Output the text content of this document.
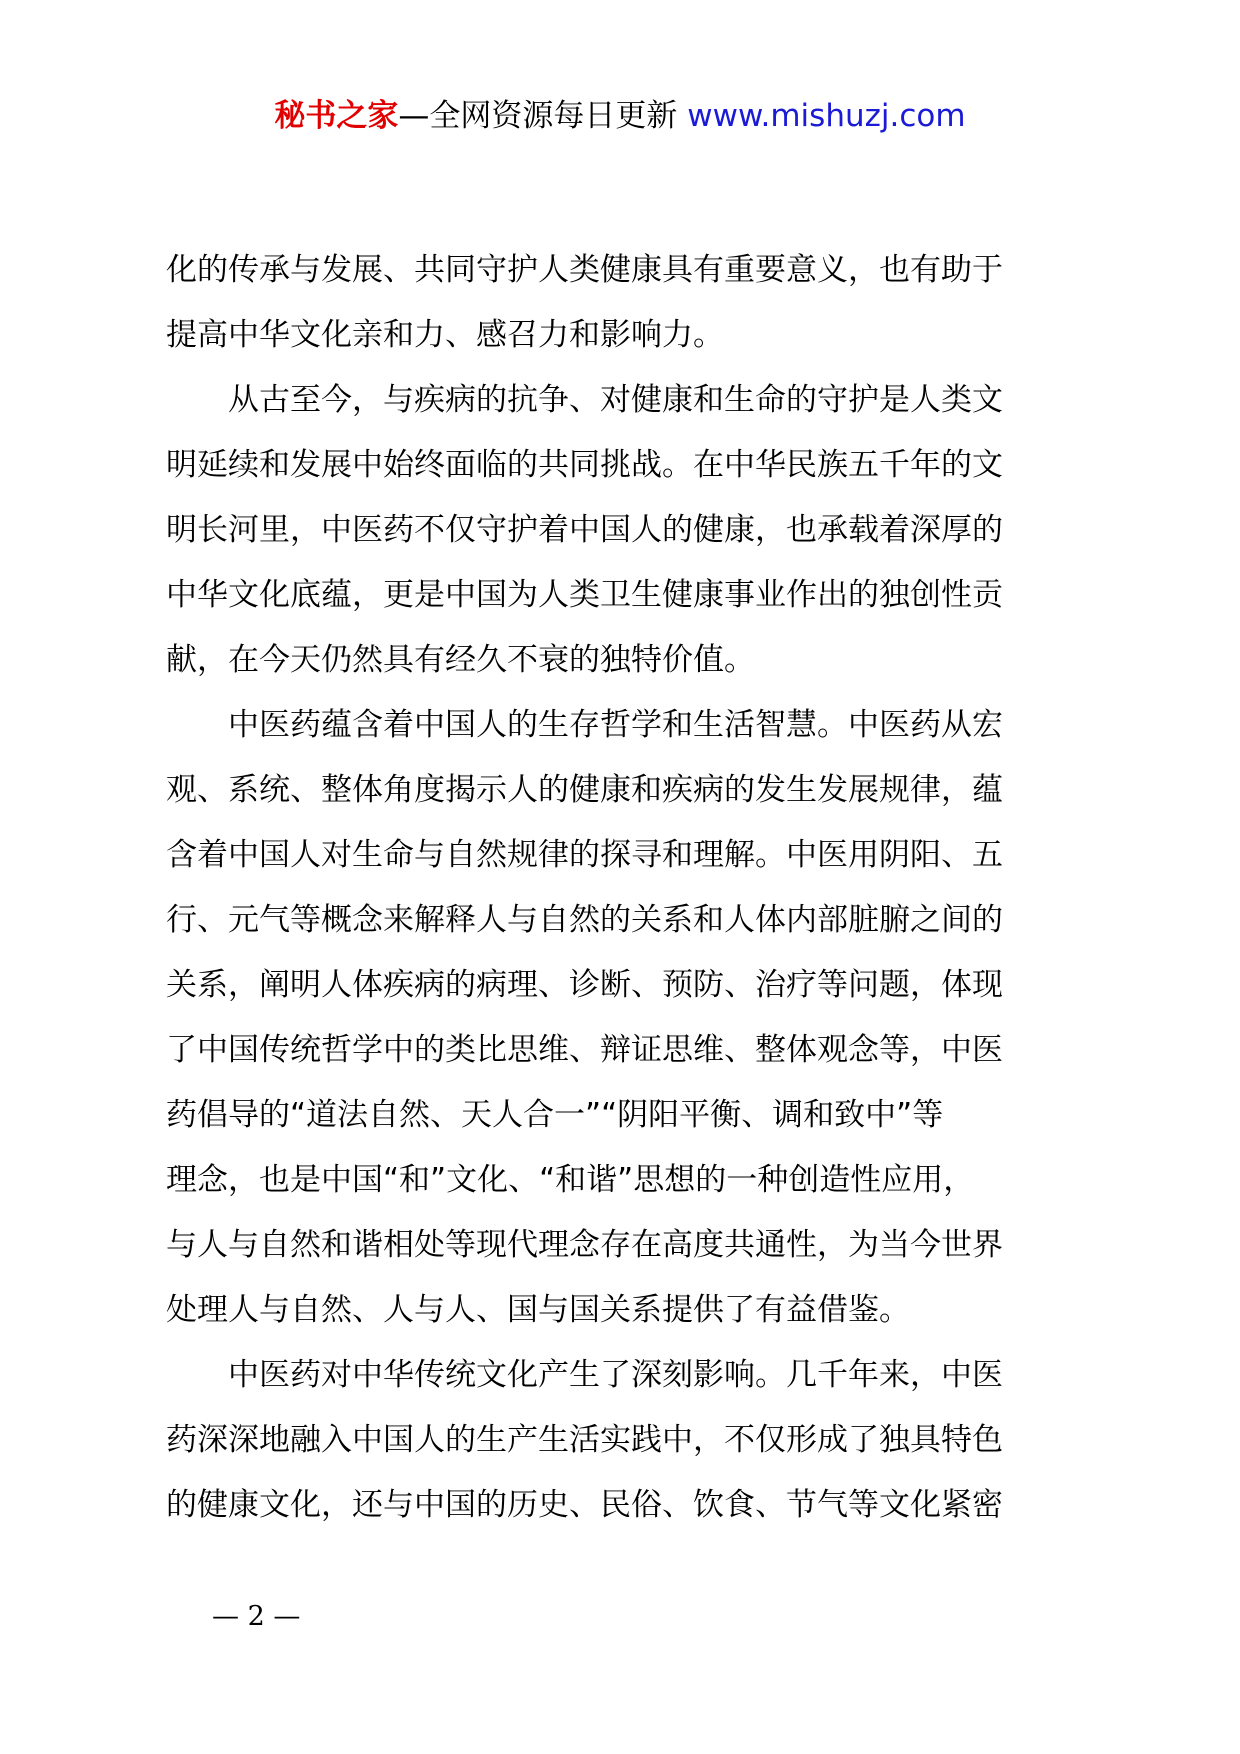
秘书之家—全网资源每日更新 www.mishuzj.com
化的传承与发展、共同守护人类健康具有重要意义，也有助于
提高中华文化亲和力、感召力和影响力。
　　从古至今，与疾病的抗争、对健康和生命的守护是人类文
明延续和发展中始终面临的共同挑战。在中华民族五千年的文
明长河里，中医药不仅守护着中国人的健康，也承载着深厚的
中华文化底蕴，更是中国为人类卫生健康事业作出的独创性贡
献，在今天仍然具有经久不衰的独特价值。
　　中医药蕴含着中国人的生存哲学和生活智慧。中医药从宏
观、系统、整体角度揭示人的健康和疾病的发生发展规律，蕴
含着中国人对生命与自然规律的探寻和理解。中医用阴阳、五
行、元气等概念来解释人与自然的关系和人体内部脏腑之间的
关系，阐明人体疾病的病理、诊断、预防、治疗等问题，体现
了中国传统哲学中的类比思维、辩证思维、整体观念等，中医
药倡导的“道法自然、天人合一”“阴阳平衡、调和致中”等
理念，也是中国“和”文化、“和谐”思想的一种创造性应用，
与人与自然和谐相处等现代理念存在高度共通性，为当今世界
处理人与自然、人与人、国与国关系提供了有益借鉴。
　　中医药对中华传统文化产生了深刻影响。几千年来，中医
药深深地融入中国人的生产生活实践中，不仅形成了独具特色
的健康文化，还与中国的历史、民俗、饮食、节气等文化紧密
— 2 —
